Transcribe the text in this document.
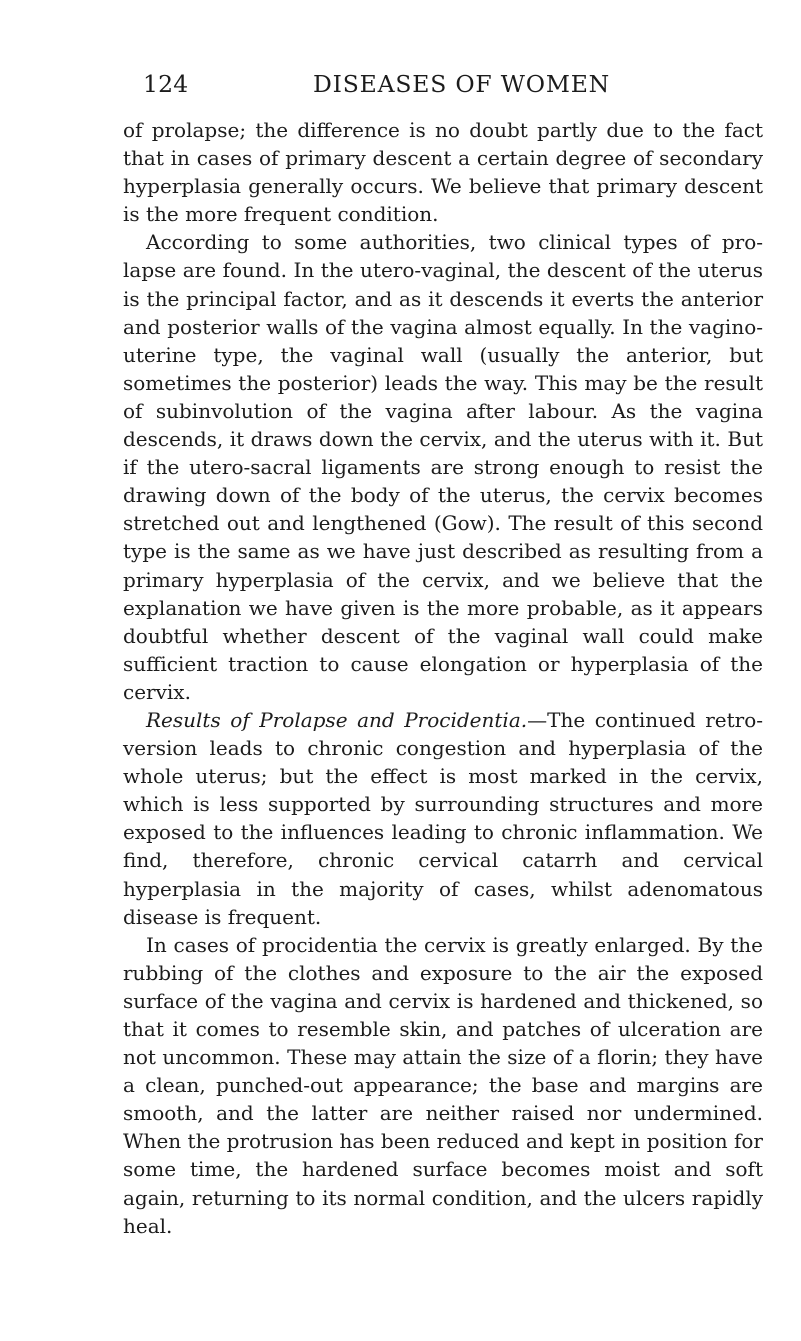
124	DISEASES OF WOMEN

of prolapse; the difference is no doubt partly due to the fact that in cases of primary descent a certain degree of secondary hyperplasia generally occurs. We believe that primary descent is the more frequent condition.

According to some authorities, two clinical types of pro-lapse are found. In the utero-vaginal, the descent of the uterus is the principal factor, and as it descends it everts the anterior and posterior walls of the vagina almost equally. In the vagino-uterine type, the vaginal wall (usually the anterior, but sometimes the posterior) leads the way. This may be the result of subinvolution of the vagina after labour. As the vagina descends, it draws down the cervix, and the uterus with it. But if the utero-sacral ligaments are strong enough to resist the drawing down of the body of the uterus, the cervix becomes stretched out and lengthened (Gow). The result of this second type is the same as we have just described as resulting from a primary hyperplasia of the cervix, and we believe that the explanation we have given is the more probable, as it appears doubtful whether descent of the vaginal wall could make sufficient traction to cause elongation or hyperplasia of the cervix.

Results of Prolapse and Procidentia.—The continued retro-version leads to chronic congestion and hyperplasia of the whole uterus; but the effect is most marked in the cervix, which is less supported by surrounding structures and more exposed to the influences leading to chronic inflammation. We find, therefore, chronic cervical catarrh and cervical hyperplasia in the majority of cases, whilst adenomatous disease is frequent.

In cases of procidentia the cervix is greatly enlarged. By the rubbing of the clothes and exposure to the air the exposed surface of the vagina and cervix is hardened and thickened, so that it comes to resemble skin, and patches of ulceration are not uncommon. These may attain the size of a florin; they have a clean, punched-out appearance; the base and margins are smooth, and the latter are neither raised nor undermined. When the protrusion has been reduced and kept in position for some time, the hardened surface becomes moist and soft again, returning to its normal condition, and the ulcers rapidly heal.
